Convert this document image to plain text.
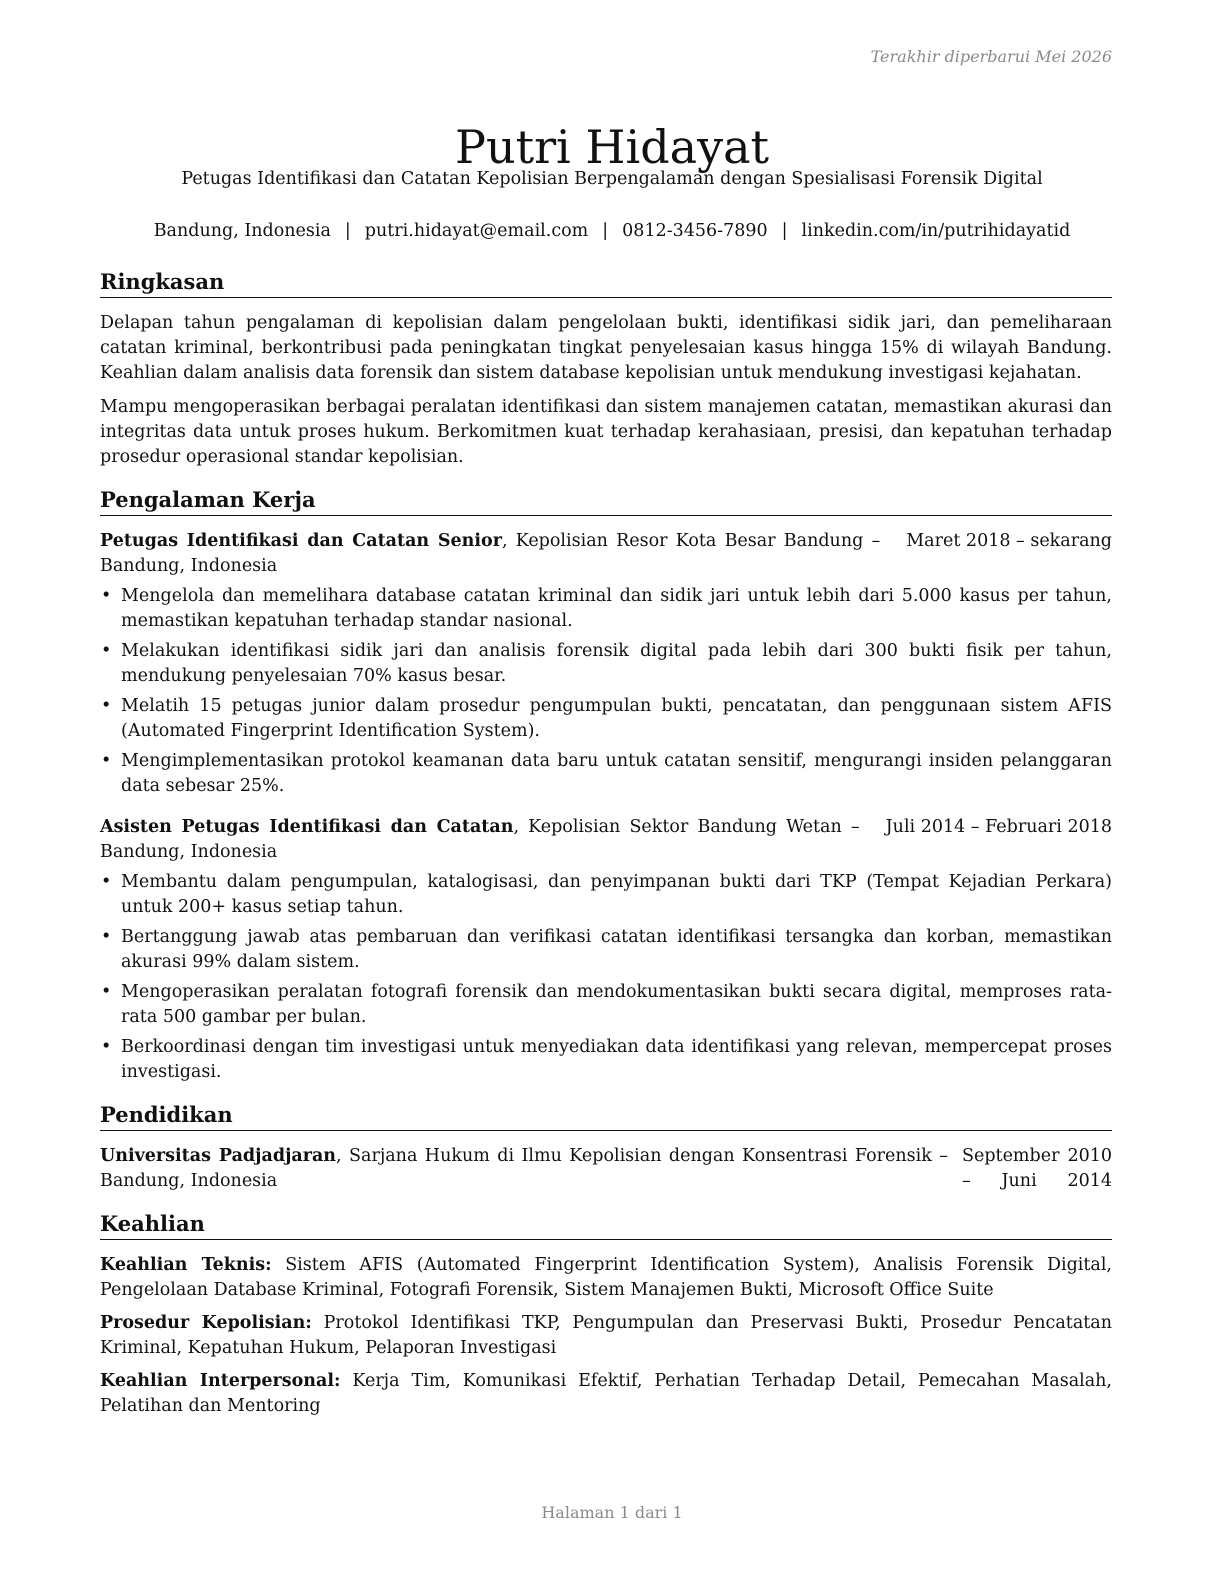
Terakhir diperbarui Mei 2026
Putri Hidayat
Petugas Identifikasi dan Catatan Kepolisian Berpengalaman dengan Spesialisasi Forensik Digital
Bandung, Indonesia | putri.hidayat@email.com | 0812-3456-7890 | linkedin.com/in/putrihidayatid
Ringkasan

Delapan tahun pengalaman di kepolisian dalam pengelolaan bukti, identifikasi sidik jari, dan pemeliharaan catatan kriminal, berkontribusi pada peningkatan tingkat penyelesaian kasus hingga 15% di wilayah Bandung. Keahlian dalam analisis data forensik dan sistem database kepolisian untuk mendukung investigasi kejahatan.

Mampu mengoperasikan berbagai peralatan identifikasi dan sistem manajemen catatan, memastikan akurasi dan integritas data untuk proses hukum. Berkomitmen kuat terhadap kerahasiaan, presisi, dan kepatuhan terhadap prosedur operasional standar kepolisian.

Pengalaman Kerja
Petugas Identifikasi dan Catatan Senior, Kepolisian Resor Kota Besar Bandung – Bandung, Indonesia
Maret 2018 – sekarang
• Mengelola dan memelihara database catatan kriminal dan sidik jari untuk lebih dari 5.000 kasus per tahun, memastikan kepatuhan terhadap standar nasional.
• Melakukan identifikasi sidik jari dan analisis forensik digital pada lebih dari 300 bukti fisik per tahun, mendukung penyelesaian 70% kasus besar.
• Melatih 15 petugas junior dalam prosedur pengumpulan bukti, pencatatan, dan penggunaan sistem AFIS (Automated Fingerprint Identification System).
• Mengimplementasikan protokol keamanan data baru untuk catatan sensitif, mengurangi insiden pelanggaran data sebesar 25%.
Asisten Petugas Identifikasi dan Catatan, Kepolisian Sektor Bandung Wetan – Bandung, Indonesia
Juli 2014 – Februari 2018
• Membantu dalam pengumpulan, katalogisasi, dan penyimpanan bukti dari TKP (Tempat Kejadian Perkara) untuk 200+ kasus setiap tahun.
• Bertanggung jawab atas pembaruan dan verifikasi catatan identifikasi tersangka dan korban, memastikan akurasi 99% dalam sistem.
• Mengoperasikan peralatan fotografi forensik dan mendokumentasikan bukti secara digital, memproses rata-rata 500 gambar per bulan.
• Berkoordinasi dengan tim investigasi untuk menyediakan data identifikasi yang relevan, mempercepat proses investigasi.
Pendidikan
Universitas Padjadjaran, Sarjana Hukum di Ilmu Kepolisian dengan Konsentrasi Forensik – Bandung, Indonesia
September 2010 – Juni 2014
Keahlian

Keahlian Teknis: Sistem AFIS (Automated Fingerprint Identification System), Analisis Forensik Digital, Pengelolaan Database Kriminal, Fotografi Forensik, Sistem Manajemen Bukti, Microsoft Office Suite

Prosedur Kepolisian: Protokol Identifikasi TKP, Pengumpulan dan Preservasi Bukti, Prosedur Pencatatan Kriminal, Kepatuhan Hukum, Pelaporan Investigasi

Keahlian Interpersonal: Kerja Tim, Komunikasi Efektif, Perhatian Terhadap Detail, Pemecahan Masalah, Pelatihan dan Mentoring

Halaman 1 dari 1
